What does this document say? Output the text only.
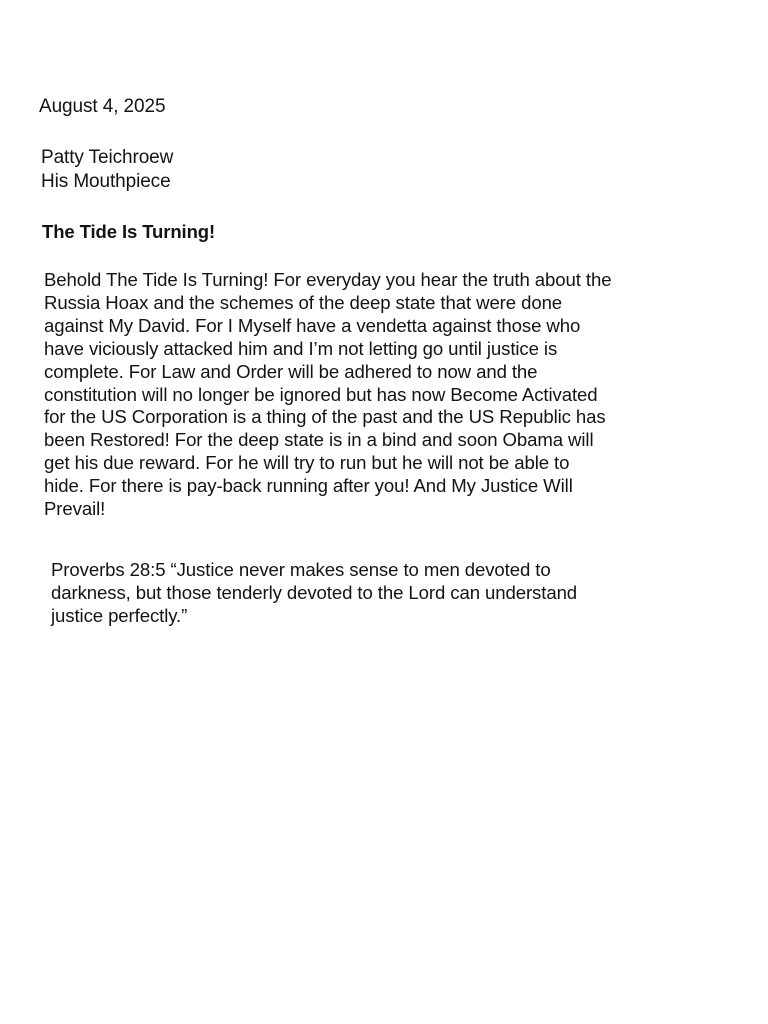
August 4, 2025
Patty Teichroew
His Mouthpiece
The Tide Is Turning!
Behold The Tide Is Turning! For everyday you hear the truth about the
Russia Hoax and the schemes of the deep state that were done
against My David. For I Myself have a vendetta against those who
have viciously attacked him and I’m not letting go until justice is
complete. For Law and Order will be adhered to now and the
constitution will no longer be ignored but has now Become Activated
for the US Corporation is a thing of the past and the US Republic has
been Restored! For the deep state is in a bind and soon Obama will
get his due reward. For he will try to run but he will not be able to
hide. For there is pay-back running after you! And My Justice Will
Prevail!
Proverbs 28:5 “Justice never makes sense to men devoted to
darkness, but those tenderly devoted to the Lord can understand
justice perfectly.”
